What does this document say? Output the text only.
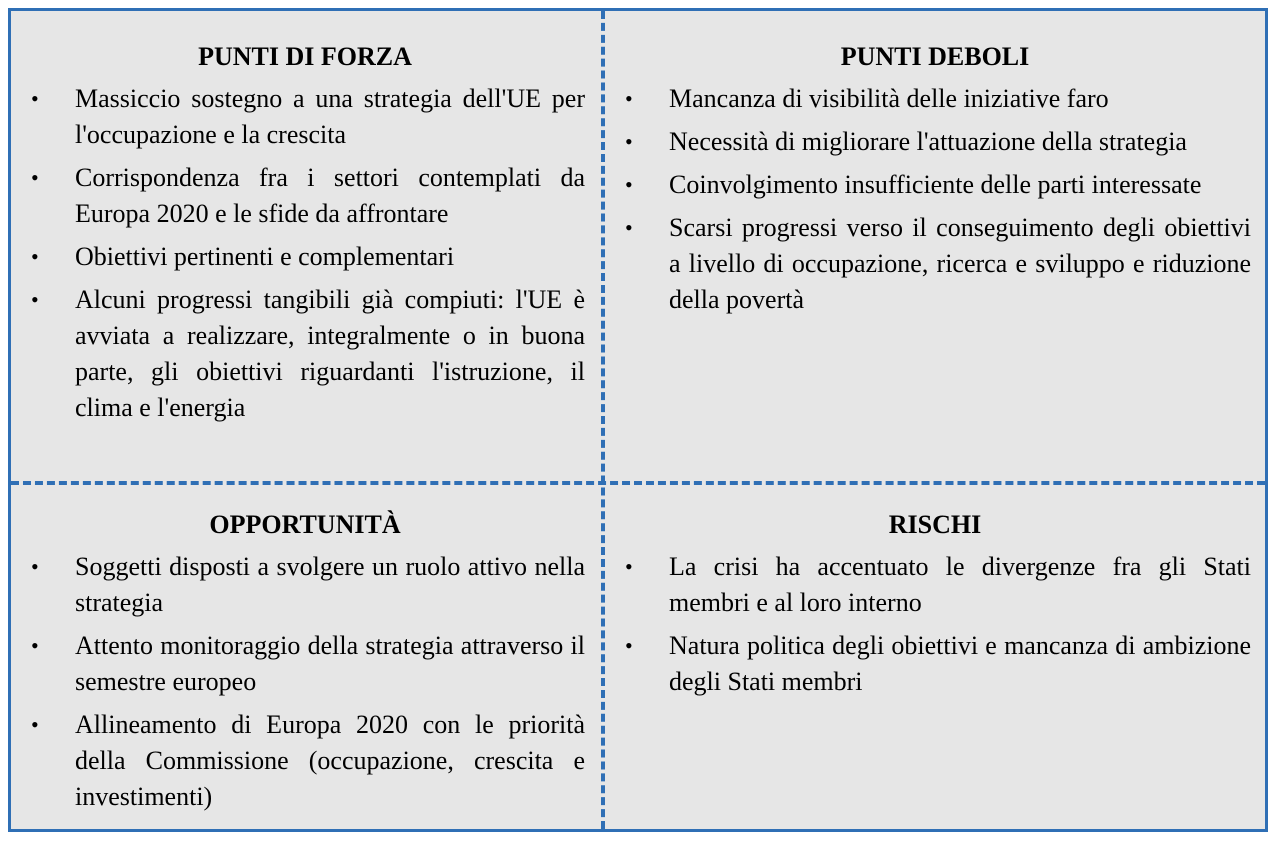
PUNTI DI FORZA
• Massiccio sostegno a una strategia dell'UE per l'occupazione e la crescita
• Corrispondenza fra i settori contemplati da Europa 2020 e le sfide da affrontare
• Obiettivi pertinenti e complementari
• Alcuni progressi tangibili già compiuti: l'UE è avviata a realizzare, integralmente o in buona parte, gli obiettivi riguardanti l'istruzione, il clima e l'energia
PUNTI DEBOLI
• Mancanza di visibilità delle iniziative faro
• Necessità di migliorare l'attuazione della strategia
• Coinvolgimento insufficiente delle parti interessate
• Scarsi progressi verso il conseguimento degli obiettivi a livello di occupazione, ricerca e sviluppo e riduzione della povertà
OPPORTUNITÀ
• Soggetti disposti a svolgere un ruolo attivo nella strategia
• Attento monitoraggio della strategia attraverso il semestre europeo
• Allineamento di Europa 2020 con le priorità della Commissione (occupazione, crescita e investimenti)
RISCHI
• La crisi ha accentuato le divergenze fra gli Stati membri e al loro interno
• Natura politica degli obiettivi e mancanza di ambizione degli Stati membri
